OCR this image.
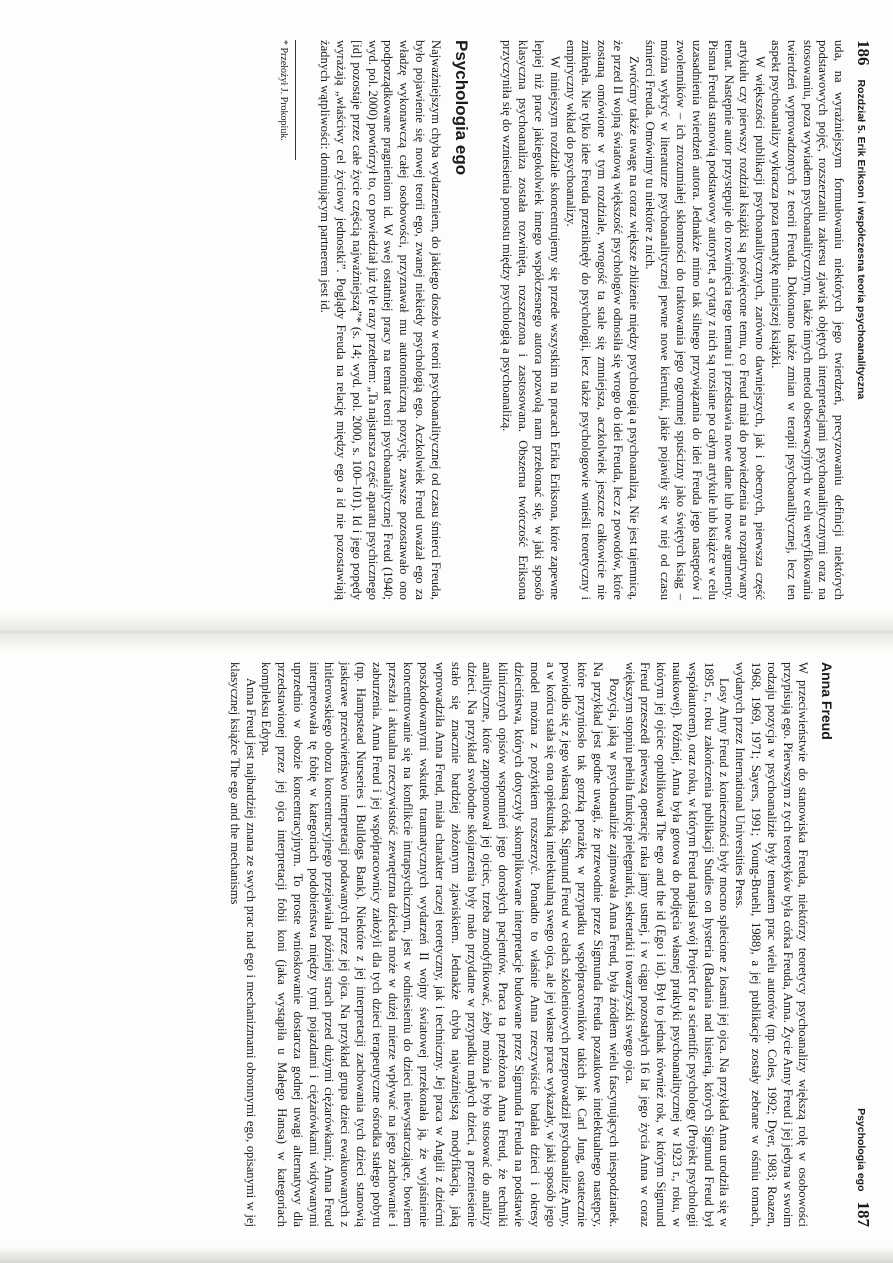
186
Rozdział 5. Erik Erikson i współczesna teoria psychoanalityczna

uda, na wyrażniejszym formułowaniu niektórych jego twierdzeń, precyzowaniu definicji niektórych podstawowych pojęć, rozszerzaniu zakresu zjawisk objętych interpretacjami psychoanalitycznymi oraz na stosowaniu, poza wywiadem psychoanalitycznym, także innych metod obserwacyjnych w celu weryfikowania twierdzeń wyprowadzonych z teorii Freuda. Dokonano także zmian w terapii psychoanalitycznej, lecz ten aspekt psychoanalizy wykracza poza tematykę niniejszej książki.

W większości publikacji psychoanalitycznych, zarówno dawniejszych, jak i obecnych, pierwsza część artykułu czy pierwszy rozdział książki są poświęcone temu, co Freud miał do powiedzenia na rozpatrywany temat. Następnie autor przystępuje do rozwinięcia tego tematu i przedstawia nowe dane lub nowe argumenty. Pisma Freuda stanowią podstawowy autorytet, a cytaty z nich są rozsiane po całym artykule lub książce w celu uzasadnienia twierdzeń autora. Jednakże mimo tak silnego przywiązania do idei Freuda jego następców i zwolenników – ich zrozumiałej skłonności do traktowania jego ogromnej spuścizny jako świętych ksiąg – można wykryć w literaturze psychoanalitycznej pewne nowe kierunki, jakie pojawiły się w niej od czasu śmierci Freuda. Omówimy tu niektóre z nich.

Zwróćmy także uwagę na coraz większe zbliżenie między psychologią a psychoanalizą. Nie jest tajemnicą, że przed II wojną światową większość psychologów odnosiła się wrogo do idei Freuda, lecz z powodów, które zostaną omówione w tym rozdziale, wrogość ta stale się zmniejsza, aczkolwiek jeszcze całkowicie nie zniknęła. Nie tylko idee Freuda przeniknęły do psychologii, lecz także psychologowie wnieśli teoretyczny i empiryczny wkład do psychoanalizy.

W niniejszym rozdziale skoncentrujemy się przede wszystkim na pracach Erika Eriksona, które zapewne lepiej niż prace jakiegokolwiek innego współczesnego autora pozwolą nam przekonać się, w jaki sposób klasyczna psychoanaliza została rozwinięta, rozszerzona i zastosowana. Obszerna twórczość Eriksona przyczyniła się do wzniesienia pomostu między psychologią a psychoanalizą.

Psychologia ego

Najważniejszym chyba wydarzeniem, do jakiego doszło w teorii psychoanalitycznej od czasu śmierci Freuda, było pojawienie się nowej teorii ego, zwanej niekiedy psychologią ego. Aczkolwiek Freud uważał ego za władzę wykonawczą całej osobowości, przyznawał mu autonomiczną pozycję, zawsze pozostawało ono podporządkowane pragnieniom id. W swej ostatniej pracy na temat teorii psychoanalitycznej Freud (1940; wyd. pol. 2000) powtórzył to, co powiedział już tyle razy przedtem: „Ta najstarsza część aparatu psychicznego [id] pozostaje przez całe życie częścią najważniejszą”* (s. 14; wyd. pol. 2000, s. 100–101). Id i jego popędy wyrażają „właściwy cel życiowy jednostki”. Poglądy Freuda na relację między ego a id nie pozostawiają żadnych wątpliwości: dominującym partnerem jest id.

* Przełożył J. Prokopiuk.

Psychologia ego
187
Anna Freud

W przeciwieństwie do stanowiska Freuda, niektórzy teoretycy psychoanalizy większą rolę w osobowości przypisują ego. Pierwszym z tych teoretyków była córka Freuda, Anna. Życie Anny Freud i jej jedyna w swoim rodzaju pozycja w psychoanalizie były tematem prac wielu autorów (np. Coles, 1992; Dyer, 1983; Roazen, 1968, 1969, 1971; Sayers, 1991; Young-Bruehl, 1988), a jej publikacje zostały zebrane w ośmiu tomach, wydanych przez International Universities Press.

Losy Anny Freud z konieczności były mocno splecione z losami jej ojca. Na przykład Anna urodziła się w 1895 r., roku zakończenia publikacji Studies on hysteria (Badania nad histerią, których Sigmund Freud był współautorem), oraz roku, w którym Freud napisał swój Project for a scientific psychology (Projekt psychologii naukowej). Później, Anna była gotowa do podjęcia własnej praktyki psychoanalitycznej w 1923 r., roku, w którym jej ojciec opublikował The ego and the id (Ego i id). Był to jednak również rok, w którym Sigmund Freud przeszedł pierwszą operację raka jamy ustnej, i w ciągu pozostałych 16 lat jego życia Anna w coraz większym stopniu pełniła funkcję pielęgniarki, sekretarki i towarzyszki swego ojca.

Pozycja, jaką w psychoanalizie zajmowała Anna Freud, była źródłem wielu fascynujących niespodzianek. Na przykład jest godne uwagi, że przewodnie przez Sigmunda Freuda pozaukowe intelektualnego następcy, które przyniosło tak gorzką porażkę w przypadku współpracowników takich jak Carl Jung, ostatecznie powiodło się z jego własną córką. Sigmund Freud w celach szkoleniowych przeprowadził psychoanalizę Anny, a w końcu stała się ona opiekunką intelektualną swego ojca, ale jej własne prace wykazały, w jaki sposób jego model można z pożytkiem rozszerzyć. Ponadto to właśnie Anna rzeczywiście badała dzieci i okresy dzieciństwa, których dotyczyły skomplikowane interpretacje budowane przez Sigmunda Freuda na podstawie klinicznych opisów wspomnień jego dorosłych pacjentów. Praca ta przełożona Anna Freud, że techniki analityczne, które zaproponował jej ojciec, trzeba zmodyfikować, żeby można je było stosować do analizy dzieci. Na przykład swobodne skojarzenia były mało przydatne w przypadku małych dzieci, a przeniesienie stało się znacznie bardziej złożonym zjawiskiem. Jednakże chyba najważniejszą modyfikacją, jaką wprowadziła Anna Freud, miała charakter raczej teoretyczny, jak i techniczny. Jej praca w Anglii z dziećmi poszkodowanymi wskutek traumatycznych wydarzeń II wojny światowej przekonała ją, że wyjaśnienie koncentrowanie się na konflikcie intrapsychicznym, jest w odniesieniu do dzieci niewystarczające, bowiem przeszła i aktualna rzeczywistość zewnętrzna dziecka może w dużej mierze wpływać na jego zachowanie i zaburzenia. Anna Freud i jej współpracownicy założyli dla tych dzieci terapeutyczne ośrodka stałego pobytu (np. Hampstead Nurseries i Bulldogs Bank). Niektóre z jej interpretacji zachowania tych dzieci stanowią jaskrawe przeciwieństwo interpretacji podawanych przez jej ojca. Na przykład grupa dzieci ewakuowanych z hitlerowskiego obozu koncentracyjnego przejawiała później strach przed dużymi ciężarówkami; Anna Freud interpretowała tę fobię w kategoriach podobieństwa między tymi pojazdami i ciężarówkami widywanymi uprzednio w obozie koncentracyjnym. To proste wnioskowanie dostarcza godnej uwagi alternatywy dla przedstawionej przez jej ojca interpretacji fobii koni (jaka wystąpiła u Małego Hansa) w kategoriach kompleksu Edypa.

Anna Freud jest najbardziej znana ze swych prac nad ego i mechanizmami obronnymi ego, opisanymi w jej klasycznej książce The ego and the mechanisms
